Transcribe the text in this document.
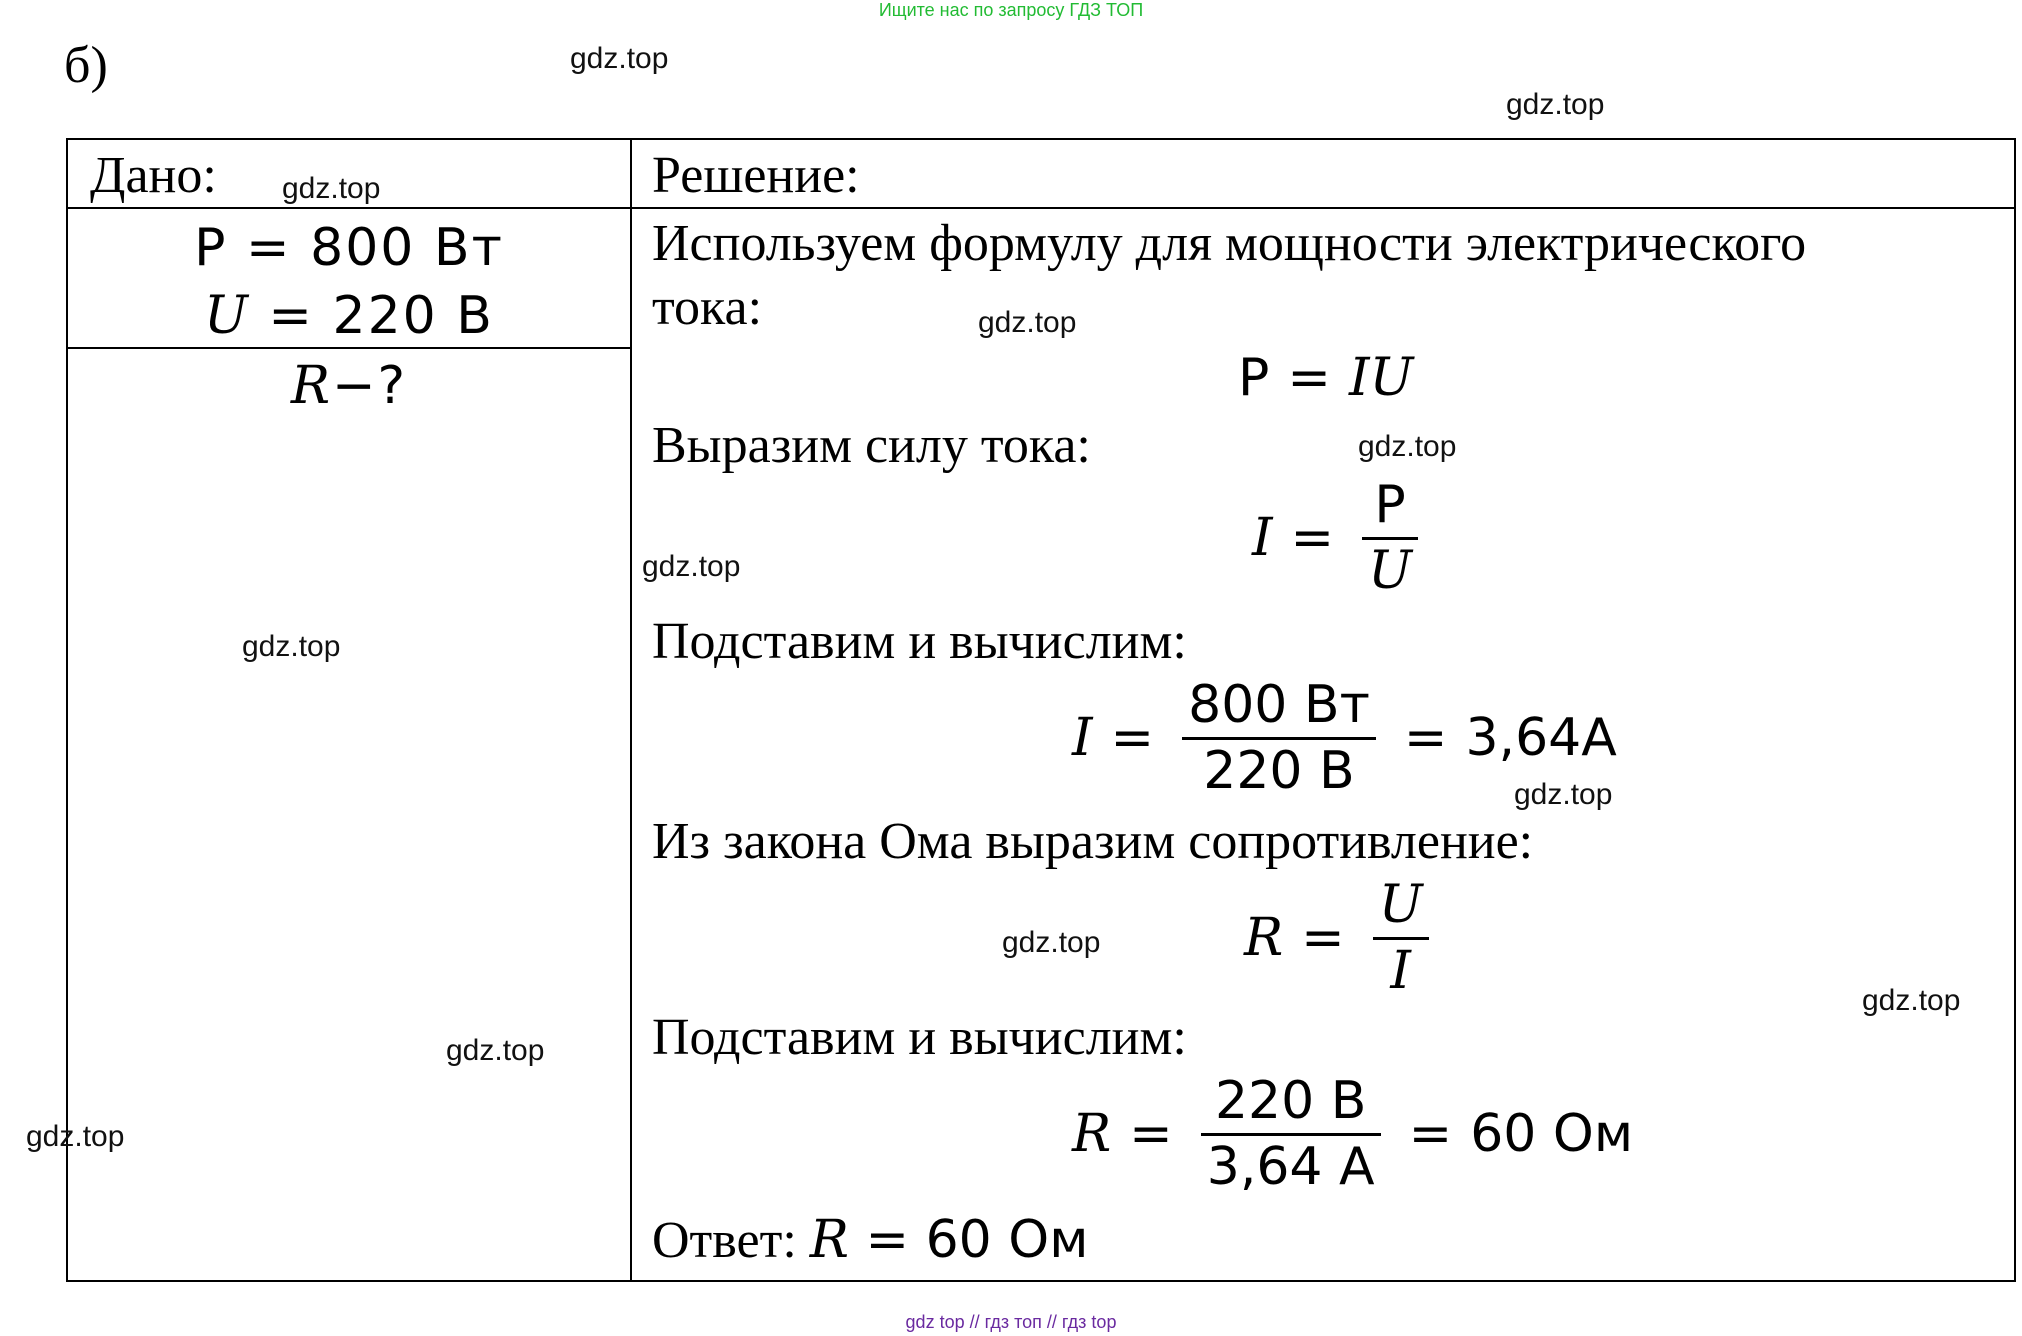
Ищите нас по запросу ГДЗ ТОП
б)
Дано:	Решение:
P = 800 Вт
U = 220 В
R−?
Используем формулу для мощности электрического
тока:
P = IU
Выразим силу тока:
$I = \frac{P}{U}$
Подставим и вычислим:
$I = \frac{800 Вт}{220 В} = 3,64А$
Из закона Ома выразим сопротивление:
$R = \frac{U}{I}$
Подставим и вычислим:
$R = \frac{220 В}{3,64 А} = 60$ Ом
Ответ: R = 60 Ом
gdz.top
gdz.top
gdz.top
gdz.top
gdz.top
gdz.top
gdz.top
gdz.top
gdz.top
gdz.top
gdz.top
gdz.top
gdz top // гдз топ // гдз top
